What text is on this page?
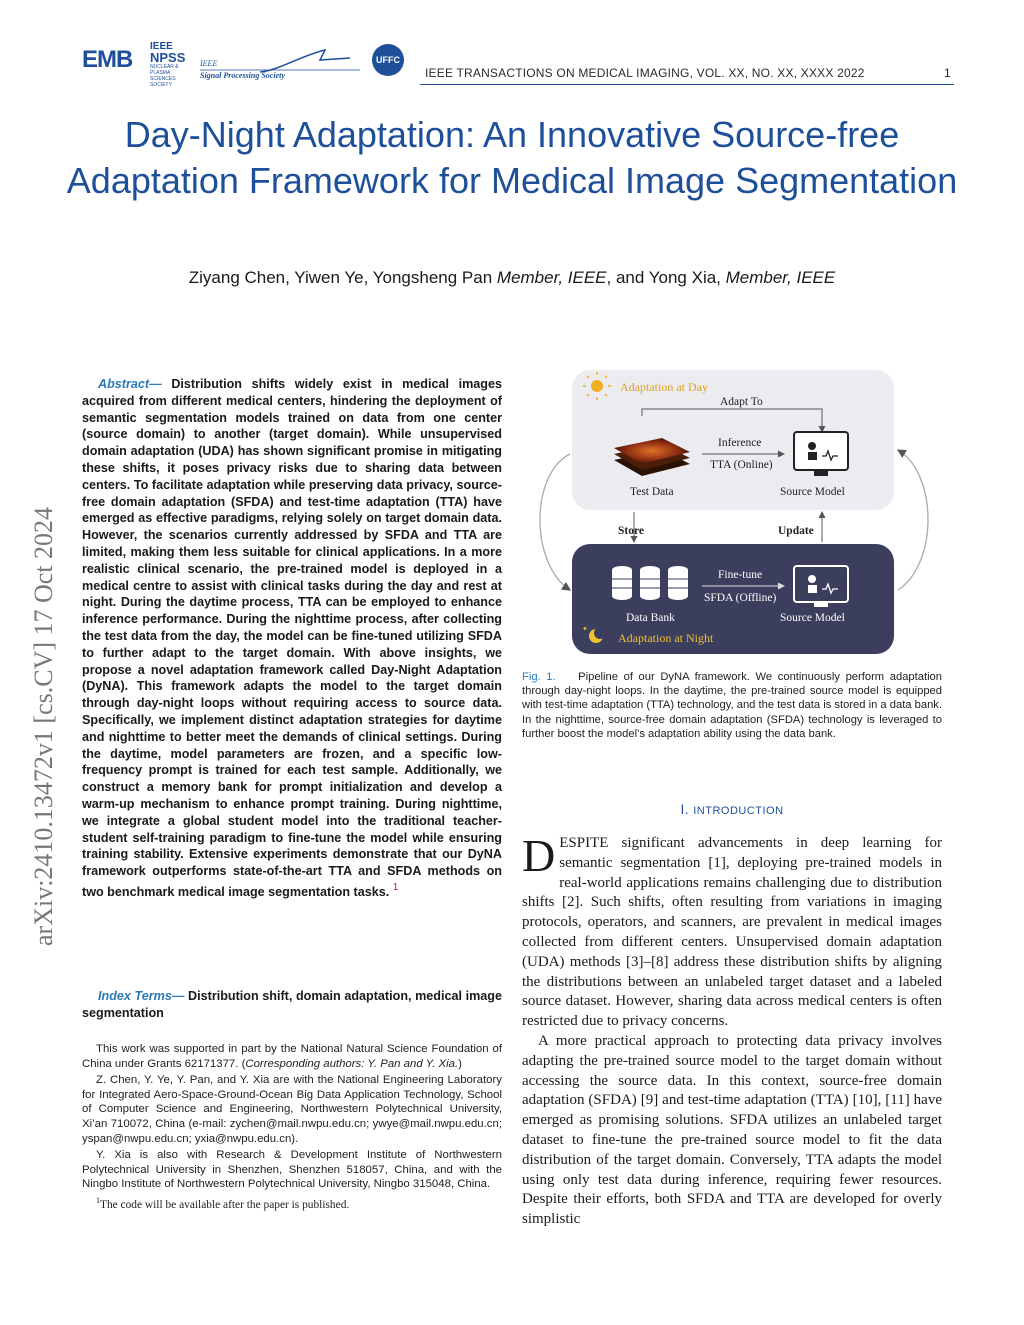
EMB IEEE
NPSS
NUCLEAR & PLASMA SCIENCES SOCIETY
IEEE
Signal Processing Society
UFFC
IEEE TRANSACTIONS ON MEDICAL IMAGING, VOL. XX, NO. XX, XXXX 2022	1
Day-Night Adaptation: An Innovative Source-free Adaptation Framework for Medical Image Segmentation
Ziyang Chen, Yiwen Ye, Yongsheng Pan Member, IEEE, and Yong Xia, Member, IEEE
arXiv:2410.13472v1 [cs.CV] 17 Oct 2024
Abstract— Distribution shifts widely exist in medical images acquired from different medical centers, hindering the deployment of semantic segmentation models trained on data from one center (source domain) to another (target domain). While unsupervised domain adaptation (UDA) has shown significant promise in mitigating these shifts, it poses privacy risks due to sharing data between centers. To facilitate adaptation while preserving data privacy, source-free domain adaptation (SFDA) and test-time adaptation (TTA) have emerged as effective paradigms, relying solely on target domain data. However, the scenarios currently addressed by SFDA and TTA are limited, making them less suitable for clinical applications. In a more realistic clinical scenario, the pre-trained model is deployed in a medical centre to assist with clinical tasks during the day and rest at night. During the daytime process, TTA can be employed to enhance inference performance. During the nighttime process, after collecting the test data from the day, the model can be fine-tuned utilizing SFDA to further adapt to the target domain. With above insights, we propose a novel adaptation framework called Day-Night Adaptation (DyNA). This framework adapts the model to the target domain through day-night loops without requiring access to source data. Specifically, we implement distinct adaptation strategies for daytime and nighttime to better meet the demands of clinical settings. During the daytime, model parameters are frozen, and a specific low-frequency prompt is trained for each test sample. Additionally, we construct a memory bank for prompt initialization and develop a warm-up mechanism to enhance prompt training. During nighttime, we integrate a global student model into the traditional teacher-student self-training paradigm to fine-tune the model while ensuring training stability. Extensive experiments demonstrate that our DyNA framework outperforms state-of-the-art TTA and SFDA methods on two benchmark medical image segmentation tasks. $^1$
Index Terms— Distribution shift, domain adaptation, medical image segmentation

This work was supported in part by the National Natural Science Foundation of China under Grants 62171377. (Corresponding authors: Y. Pan and Y. Xia.)

Z. Chen, Y. Ye, Y. Pan, and Y. Xia are with the National Engineering Laboratory for Integrated Aero-Space-Ground-Ocean Big Data Application Technology, School of Computer Science and Engineering, Northwestern Polytechnical University, Xi’an 710072, China (e-mail: zychen@mail.nwpu.edu.cn; ywye@mail.nwpu.edu.cn; yspan@nwpu.edu.cn; yxia@nwpu.edu.cn).

Y. Xia is also with Research & Development Institute of Northwestern Polytechnical University in Shenzhen, Shenzhen 518057, China, and with the Ningbo Institute of Northwestern Polytechnical University, Ningbo 315048, China.

$^1$The code will be available after the paper is published.

Adaptation at Day
Adapt To
Test Data
Inference
TTA (Online)
Source Model
Store	Update
Data Bank
Fine-tune
SFDA (Offline)
Source Model
✦
Adaptation at Night
Fig. 1. Pipeline of our DyNA framework. We continuously perform adaptation through day-night loops. In the daytime, the pre-trained source model is equipped with test-time adaptation (TTA) technology, and the test data is stored in a data bank. In the nighttime, source-free domain adaptation (SFDA) technology is leveraged to further boost the model’s adaptation ability using the data bank.
I. INTRODUCTION

DESPITE significant advancements in deep learning for semantic segmentation [1], deploying pre-trained models in real-world applications remains challenging due to distribution shifts [2]. Such shifts, often resulting from variations in imaging protocols, operators, and scanners, are prevalent in medical images collected from different centers. Unsupervised domain adaptation (UDA) methods [3]–[8] address these distribution shifts by aligning the distributions between an unlabeled target dataset and a labeled source dataset. However, sharing data across medical centers is often restricted due to privacy concerns.

A more practical approach to protecting data privacy involves adapting the pre-trained source model to the target domain without accessing the source data. In this context, source-free domain adaptation (SFDA) [9] and test-time adaptation (TTA) [10], [11] have emerged as promising solutions. SFDA utilizes an unlabeled target dataset to fine-tune the pre-trained source model to fit the data distribution of the target domain. Conversely, TTA adapts the model using only test data during inference, requiring fewer resources. Despite their efforts, both SFDA and TTA are developed for overly simplistic
